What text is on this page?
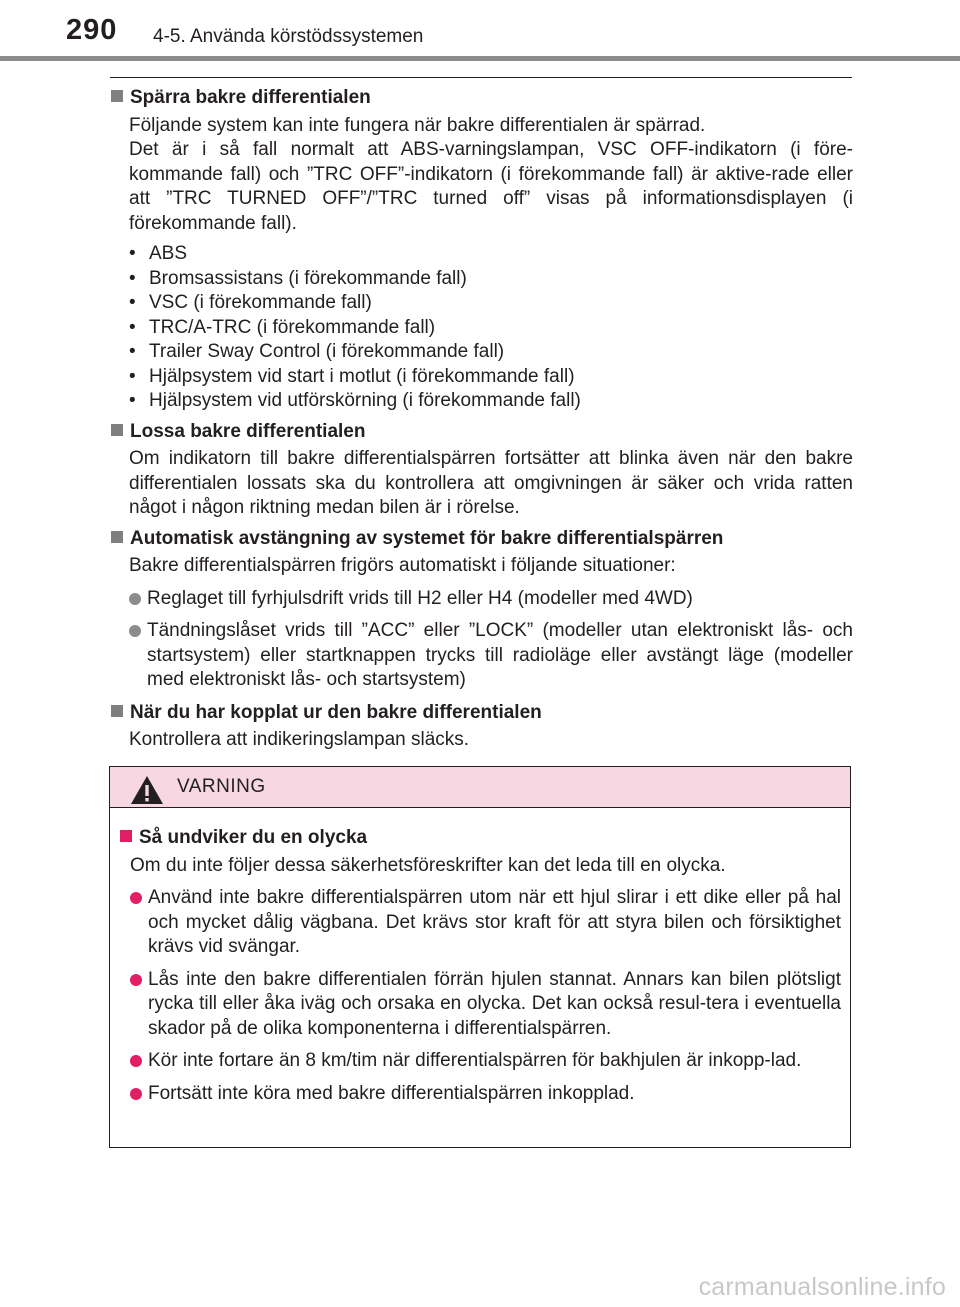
290 4-5. Använda körstödssystemen
Spärra bakre differentialen

Följande system kan inte fungera när bakre differentialen är spärrad.

Det är i så fall normalt att ABS-varningslampan, VSC OFF-indikatorn (i före-kommande fall) och ”TRC OFF”-indikatorn (i förekommande fall) är aktive-rade eller att ”TRC TURNED OFF”/”TRC turned off” visas på informationsdisplayen (i förekommande fall).

• ABS
• Bromsassistans (i förekommande fall)
• VSC (i förekommande fall)
• TRC/A-TRC (i förekommande fall)
• Trailer Sway Control (i förekommande fall)
• Hjälpsystem vid start i motlut (i förekommande fall)
• Hjälpsystem vid utförskörning (i förekommande fall)
Lossa bakre differentialen

Om indikatorn till bakre differentialspärren fortsätter att blinka även när den bakre differentialen lossats ska du kontrollera att omgivningen är säker och vrida ratten något i någon riktning medan bilen är i rörelse.

Automatisk avstängning av systemet för bakre differentialspärren

Bakre differentialspärren frigörs automatiskt i följande situationer:

Reglaget till fyrhjulsdrift vrids till H2 eller H4 (modeller med 4WD)
Tändningslåset vrids till ”ACC” eller ”LOCK” (modeller utan elektroniskt lås- och startsystem) eller startknappen trycks till radioläge eller avstängt läge (modeller med elektroniskt lås- och startsystem)
När du har kopplat ur den bakre differentialen

Kontrollera att indikeringslampan släcks.

VARNING
Så undviker du en olycka

Om du inte följer dessa säkerhetsföreskrifter kan det leda till en olycka.

Använd inte bakre differentialspärren utom när ett hjul slirar i ett dike eller på hal och mycket dålig vägbana. Det krävs stor kraft för att styra bilen och försiktighet krävs vid svängar.
Lås inte den bakre differentialen förrän hjulen stannat. Annars kan bilen plötsligt rycka till eller åka iväg och orsaka en olycka. Det kan också resul-tera i eventuella skador på de olika komponenterna i differentialspärren.
Kör inte fortare än 8 km/tim när differentialspärren för bakhjulen är inkopp-lad.
Fortsätt inte köra med bakre differentialspärren inkopplad.
carmanualsonline.info
